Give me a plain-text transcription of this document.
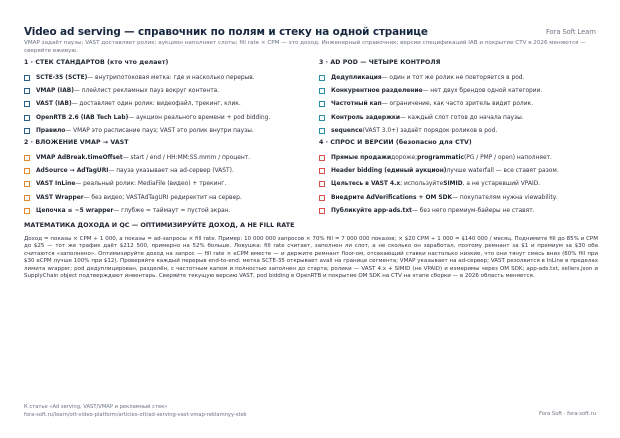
Video ad serving — справочник по полям и стеку на одной странице	Fora Soft Learn
VMAP задаёт паузы; VAST доставляет ролик; аукцион наполняет слоты; fill rate × CPM — это доход. Инженерный справочник; версии спецификаций IAB и покрытие CTV в 2026 меняются — сверяйте вживую.
1 · СТЕК СТАНДАРТОВ (кто что делает)
SCTE-35 (SCTE) — внутрипотоковая метка: где и насколько перерыв.
VMAP (IAB) — плейлист рекламных пауз вокруг контента.
VAST (IAB) — доставляет один ролик: видеофайл, трекинг, клик.
OpenRTB 2.6 (IAB Tech Lab) — аукцион реального времени + pod bidding.
Правило — VMAP это расписание пауз; VAST это ролик внутри паузы.
2 · ВЛОЖЕНИЕ VMAP → VAST
VMAP AdBreak.timeOffset — start / end / HH:MM:SS.mmm / процент.
AdSource → AdTagURI — пауза указывает на ad-сервер (VAST).
VAST InLine — реальный ролик: MediaFile (видео) + трекинг.
VAST Wrapper — без видео; VASTAdTagURI редиректит на сервер.
Цепочка ≤ ~5 wrapper — глубже = таймаут = пустой экран.
3 · AD POD — ЧЕТЫРЕ КОНТРОЛЯ
Дедупликация — один и тот же ролик не повторяется в pod.
Конкурентное разделение — нет двух брендов одной категории.
Частотный кап — ограничение, как часто зритель видит ролик.
Контроль задержки — каждый слот готов до начала паузы.
sequence (VAST 3.0+) задаёт порядок роликов в pod.
4 · СПРОС И ВЕРСИИ (безопасно для CTV)
Прямые продажи дороже; programmatic (PG / PMP / open) наполняет.
Header bidding (единый аукцион) лучше waterfall — все ставят разом.
Цельтесь в VAST 4.x ; используйте SIMID , а не устаревший VPAID.
Внедрите AdVerifications + OM SDK — покупателям нужна viewability.
Публикуйте app-ads.txt — без него премиум-байеры не ставят.
МАТЕМАТИКА ДОХОДА И QC — ОПТИМИЗИРУЙТЕ ДОХОД, А НЕ FILL RATE
Доход = показы × CPM ÷ 1 000, а показы = ad-запросы × fill rate. Пример: 10 000 000 запросов × 70% fill = 7 000 000 показов; × $20 CPM ÷ 1 000 = $140 000 / месяц. Поднимите fill до 85% и CPM до $25 — тот же трафик даёт $212 500, примерно на 52% больше. Ловушка: fill rate считает, заполнен ли слот, а не сколько он заработал, поэтому ремнант за $1 и премиум за $30 оба считаются «заполнено». Оптимизируйте доход на запрос — fill rate × eCPM вместе — и держите ремнант floor-ом, отсекающий ставки настолько низкие, что они тянут смесь вниз (60% fill при $30 eCPM лучше 100% при $12). Проверяйте каждый перерыв end-to-end: метка SCTE-35 открывает avail на границе сегмента; VMAP указывает на ad-сервер; VAST резолвится в InLine в пределах лимита wrapper; pod дедуплицирован, разделён, с частотным капом и полностью заполнен до старта; ролики — VAST 4.x + SIMID (не VPAID) и измеримы через OM SDK; app-ads.txt, sellers.json и SupplyChain object подтверждают инвентарь. Сверяйте текущую версию VAST, pod bidding в OpenRTB и покрытие OM SDK на CTV на этапе сборки — в 2026 область меняется.
К статье «Ad serving, VAST/VMAP и рекламный стек»
fora-soft.ru/learn/ott-video-platform/articles-ott/ad-serving-vast-vmap-reklamnyy-stek	Fora Soft · fora-soft.ru
